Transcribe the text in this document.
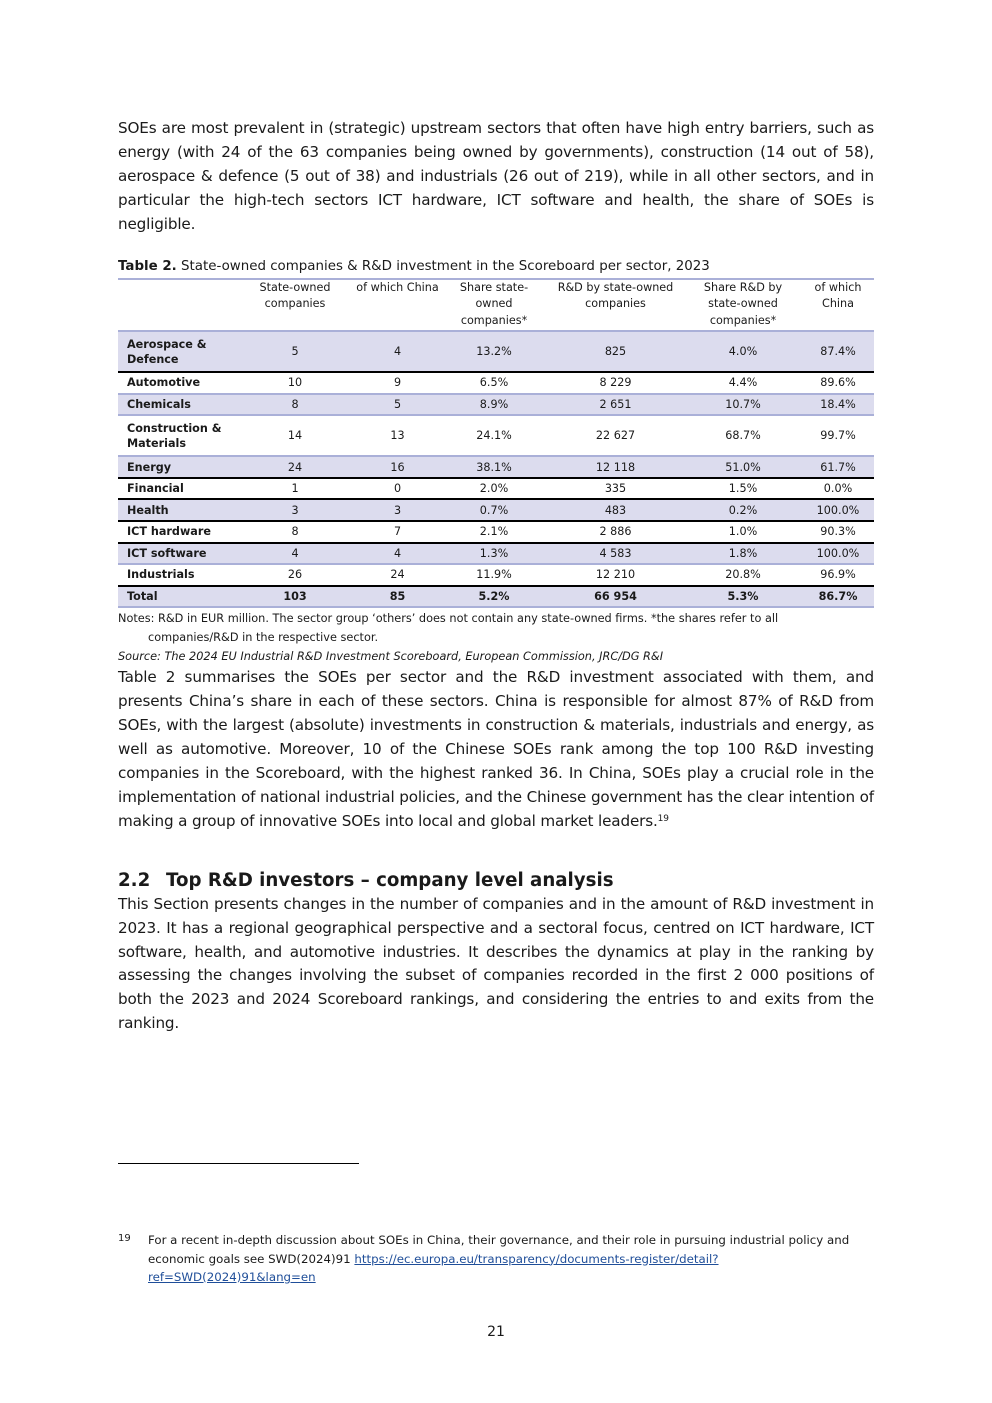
SOEs are most prevalent in (strategic) upstream sectors that often have high entry barriers, such as energy (with 24 of the 63 companies being owned by governments), construction (14 out of 58), aerospace & defence (5 out of 38) and industrials (26 out of 219), while in all other sectors, and in particular the high-tech sectors ICT hardware, ICT software and health, the share of SOEs is negligible.

Table 2. State-owned companies & R&D investment in the Scoreboard per sector, 2023
	State-owned companies	of which China	Share state-owned companies*	R&D by state-owned companies	Share R&D by state-owned companies*	of which China
Aerospace & Defence	5	4	13.2%	825	4.0%	87.4%
Automotive	10	9	6.5%	8 229	4.4%	89.6%
Chemicals	8	5	8.9%	2 651	10.7%	18.4%
Construction & Materials	14	13	24.1%	22 627	68.7%	99.7%
Energy	24	16	38.1%	12 118	51.0%	61.7%
Financial	1	0	2.0%	335	1.5%	0.0%
Health	3	3	0.7%	483	0.2%	100.0%
ICT hardware	8	7	2.1%	2 886	1.0%	90.3%
ICT software	4	4	1.3%	4 583	1.8%	100.0%
Industrials	26	24	11.9%	12 210	20.8%	96.9%
Total	103	85	5.2%	66 954	5.3%	86.7%
Notes: R&D in EUR million. The sector group ‘others’ does not contain any state-owned firms. *the shares refer to all
companies/R&D in the respective sector.
Source: The 2024 EU Industrial R&D Investment Scoreboard, European Commission, JRC/DG R&I

Table 2 summarises the SOEs per sector and the R&D investment associated with them, and presents China’s share in each of these sectors. China is responsible for almost 87% of R&D from SOEs, with the largest (absolute) investments in construction & materials, industrials and energy, as well as automotive. Moreover, 10 of the Chinese SOEs rank among the top 100 R&D investing companies in the Scoreboard, with the highest ranked 36. In China, SOEs play a crucial role in the implementation of national industrial policies, and the Chinese government has the clear intention of making a group of innovative SOEs into local and global market leaders.$^{19}$

2.2 Top R&D investors – company level analysis

This Section presents changes in the number of companies and in the amount of R&D investment in 2023. It has a regional geographical perspective and a sectoral focus, centred on ICT hardware, ICT software, health, and automotive industries. It describes the dynamics at play in the ranking by assessing the changes involving the subset of companies recorded in the first 2 000 positions of both the 2023 and 2024 Scoreboard rankings, and considering the entries to and exits from the ranking.

19 For a recent in-depth discussion about SOEs in China, their governance, and their role in pursuing industrial policy and economic goals see SWD(2024)91 https://ec.europa.eu/transparency/documents-register/detail?ref=SWD(2024)91&lang=en
21
